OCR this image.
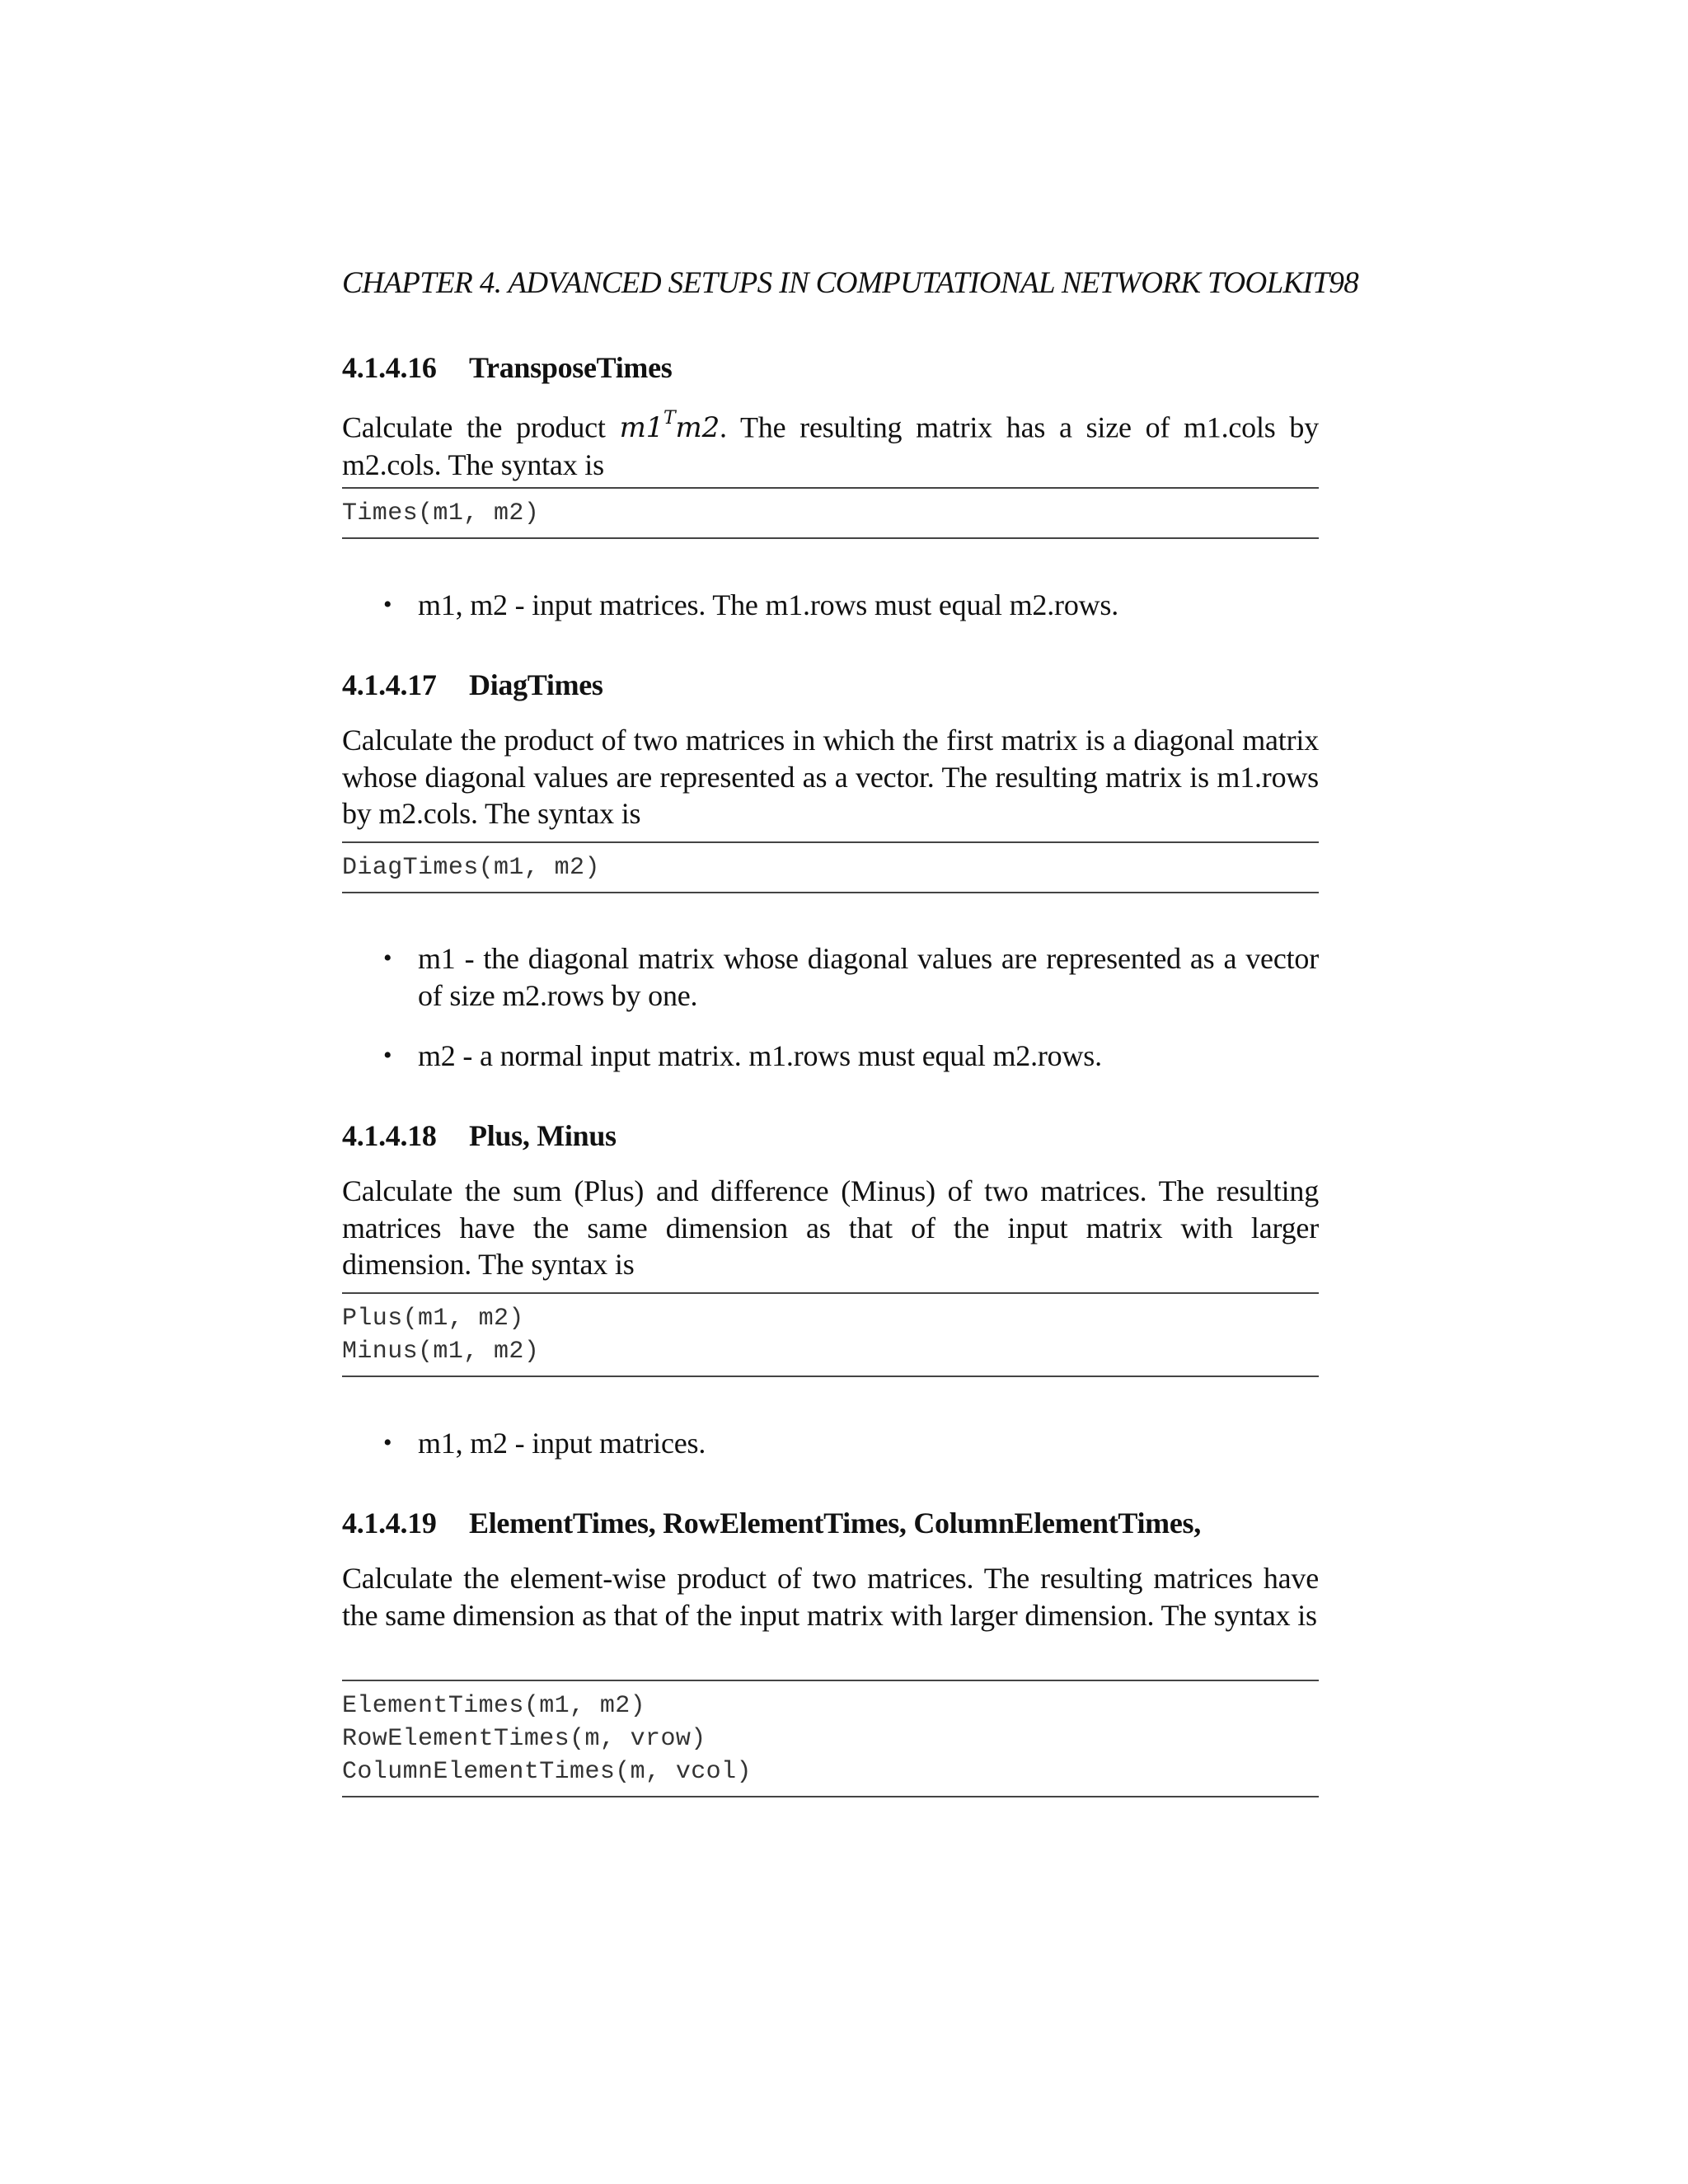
CHAPTER 4. ADVANCED SETUPS IN COMPUTATIONAL NETWORK TOOLKIT98
4.1.4.16 TransposeTimes
Calculate the product $m1^Tm2$. The resulting matrix has a size of m1.cols by m2.cols. The syntax is
Times(m1, m2)
• m1, m2 - input matrices. The m1.rows must equal m2.rows.
4.1.4.17 DiagTimes
Calculate the product of two matrices in which the first matrix is a diagonal matrix whose diagonal values are represented as a vector. The resulting matrix is m1.rows by m2.cols. The syntax is
DiagTimes(m1, m2)
• m1 - the diagonal matrix whose diagonal values are represented as a vector of size m2.rows by one.
• m2 - a normal input matrix. m1.rows must equal m2.rows.
4.1.4.18 Plus, Minus
Calculate the sum (Plus) and difference (Minus) of two matrices. The resulting matrices have the same dimension as that of the input matrix with larger dimension. The syntax is
Plus(m1, m2)
Minus(m1, m2)
• m1, m2 - input matrices.
4.1.4.19 ElementTimes, RowElementTimes, ColumnElementTimes,
Calculate the element-wise product of two matrices. The resulting matrices have the same dimension as that of the input matrix with larger dimension. The syntax is
ElementTimes(m1, m2)
RowElementTimes(m, vrow)
ColumnElementTimes(m, vcol)
